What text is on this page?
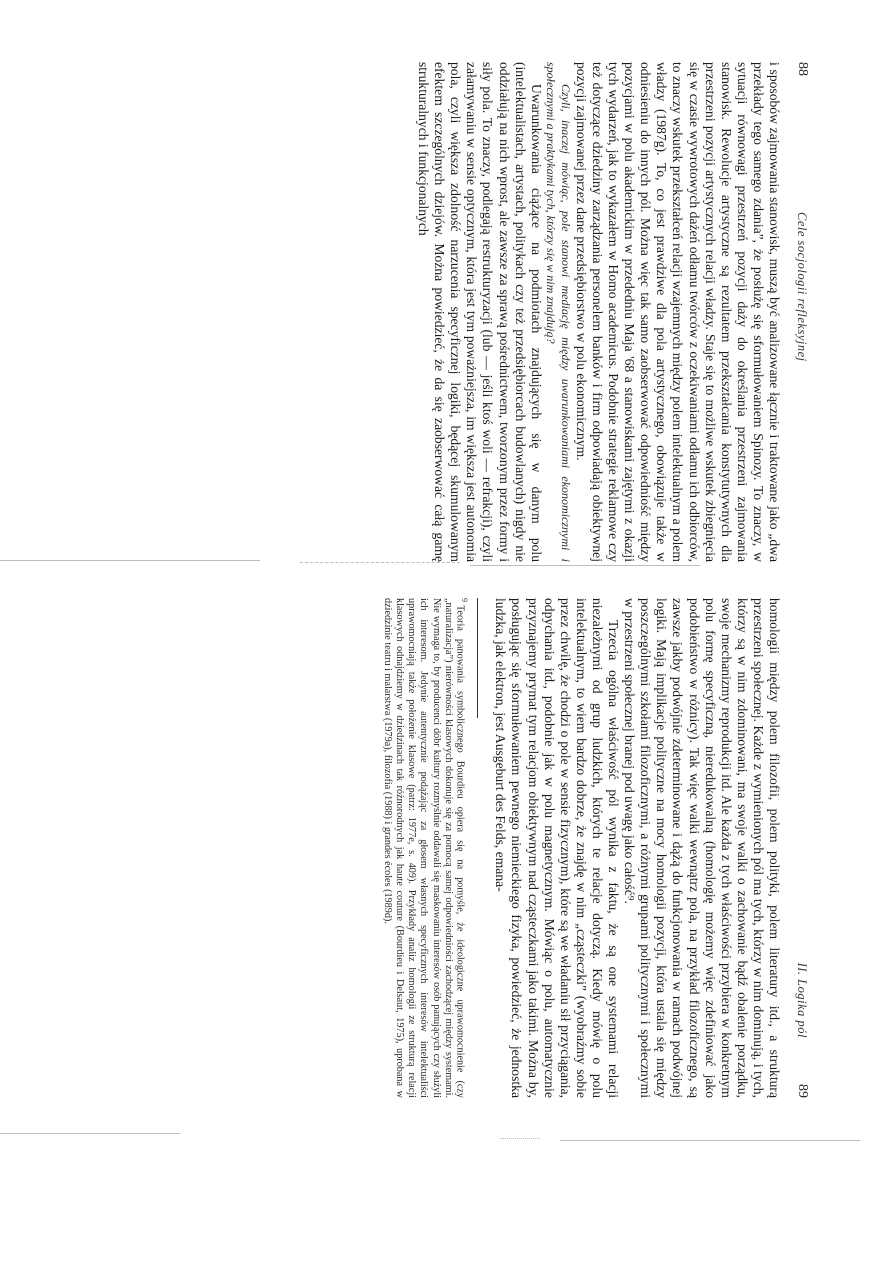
88
Cele socjologii refleksyjnej

i sposobów zajmowania stanowisk, muszą być analizowane łącznie i traktowane jako „dwa przekłady tego samego zdania”, że posłużę się sformułowaniem Spinozy. To znaczy, w sytuacji równowagi przestrzeń pozycji daży do określania przestrzeni zajmowania stanowisk. Rewolucje artystyczne są rezultatem przekształcania konstytutywnych dla przestrzeni pozycji artystycznych relacji władzy. Staje się to możliwe wskutek zbiegnięcia się w czasie wywrotowych dażeń odłamu twórców z oczekiwaniami odłamu ich odbiorców, to znaczy wskutek przekształceń relacji wzajemnych między polem intelektualnym a polem władzy (1987g). To, co jest prawdziwe dla pola artystycznego, obowiązuje także w odniesieniu do innych pól. Można więc tak samo zaobserwować odpowiedniość między pozycjami w polu akademickim w przededniu Maja '68 a stanowiskami zajętymi z okazji tych wydarzeń, jak to wykazałem w Homo academicus. Podobnie strategie reklamowe czy też dotyczące dziedziny zarządzania personelem banków i firm odpowiadają obiektywnej pozycji zajmowanej przez dane przedsiębiorstwo w polu ekonomicznym.

Czyli, inaczej mówiąc, pole stanowi mediację między uwarunkowaniami ekonomicznymi i społecznymi a praktykami tych, którzy się w nim znajdują?

Uwarunkowania ciążące na podmiotach znajdujących się w danym polu (intelektualistach, artystach, politykach czy też przedsiębiorcach budowlanych) nigdy nie oddziałują na nich wprost, ale zawsze za sprawą pośrednictwem, tworzonym przez formy i siły pola. To znaczy, podlegają restrukturyzacji (lub — jeśli ktoś woli — refrakcji), czyli załamywaniu w sensie optycznym, która jest tym poważniejsza, im większa jest autonomia pola, czyli większa zdolność narzucenia specyficznej logiki, będącej skumulowanym efektem szczególnych dziejów. Można powiedzieć, że da się zaobserwować całą gamę strukturalnych i funkcjonalnych

II. Logika pól
89

homologii między polem filozofii, polem polityki, polem literatury itd., a strukturą przestrzeni społecznej. Każde z wymienionych pól ma tych, którzy w nim dominują, i tych, którzy są w nim zdominowani, ma swoje walki o zachowanie bądź obalenie porządku, swoje mechanizmy reprodukcji itd. Ale każda z tych właściwości przybiera w konkretnym polu formę specyficzną, nieredukowalną (homologię możemy więc zdefiniować jako podobieństwo w różnicy). Tak więc walki wewnątrz pola, na przykład filozoficznego, są zawsze jakby podwójnie zdeterminowane i dążą do funkcjonowania w ramach podwójnej logiki. Mają implikacje polityczne na mocy homologii pozycji, która ustala się między poszczególnymi szkołami filozoficznymi, a różnymi grupami politycznymi i społecznymi w przestrzeni społecznej branej pod uwagę jako całość⁹.

Trzecia ogólna właściwość pól wynika z faktu, że są one systemami relacji niezależnymi od grup ludzkich, których te relacje dotyczą. Kiedy mówię o polu intelektualnym, to wiem bardzo dobrze, że znajdę w nim „cząsteczki” (wyobraźmy sobie przez chwilę, że chodzi o pole w sensie fizycznym), które są we władaniu sił przyciągania, odpychania itd., podobnie jak w polu magnetycznym. Mówiąc o polu, automatycznie przyznajemy prymat tym relacjom obiektywnym nad cząsteczkami jako takimi. Można by, posługując się sformułowaniem pewnego niemieckiego fizyka, powiedzieć, że jednostka ludzka, jak elektron, jest Ausgeburt des Felds, emana-

$^9$Teoria panowania symbolicznego Bourdieu opiera się na pomyśle, że ideologiczne uprawomocnienie (czy „naturalizacja”) nierówności klasowych dokonuje się za pomocą samej odpowiedniości zachodzącej między systemami. Nie wymaga to, by producenci dóbr kultury rozmyślnie oddawali się maskowaniu interesów osób panujących czy służyli ich interesom. Jedynie autentycznie podążając za głosem własnych specyficznych interesów intelektualiści uprawomocniają także położenie klasowe (patrz: 1977e, s. 409). Przykłady analiz homologii ze strukturą relacji klasowych odnajdziemy w dziedzinach tak różnorodnych jak haute couture (Bourdieu i Delsaut, 1975), uprobana w dziedzinie teatru i malarstwa (1979a), filozofia (1988) i grandes écoles (1989d).
